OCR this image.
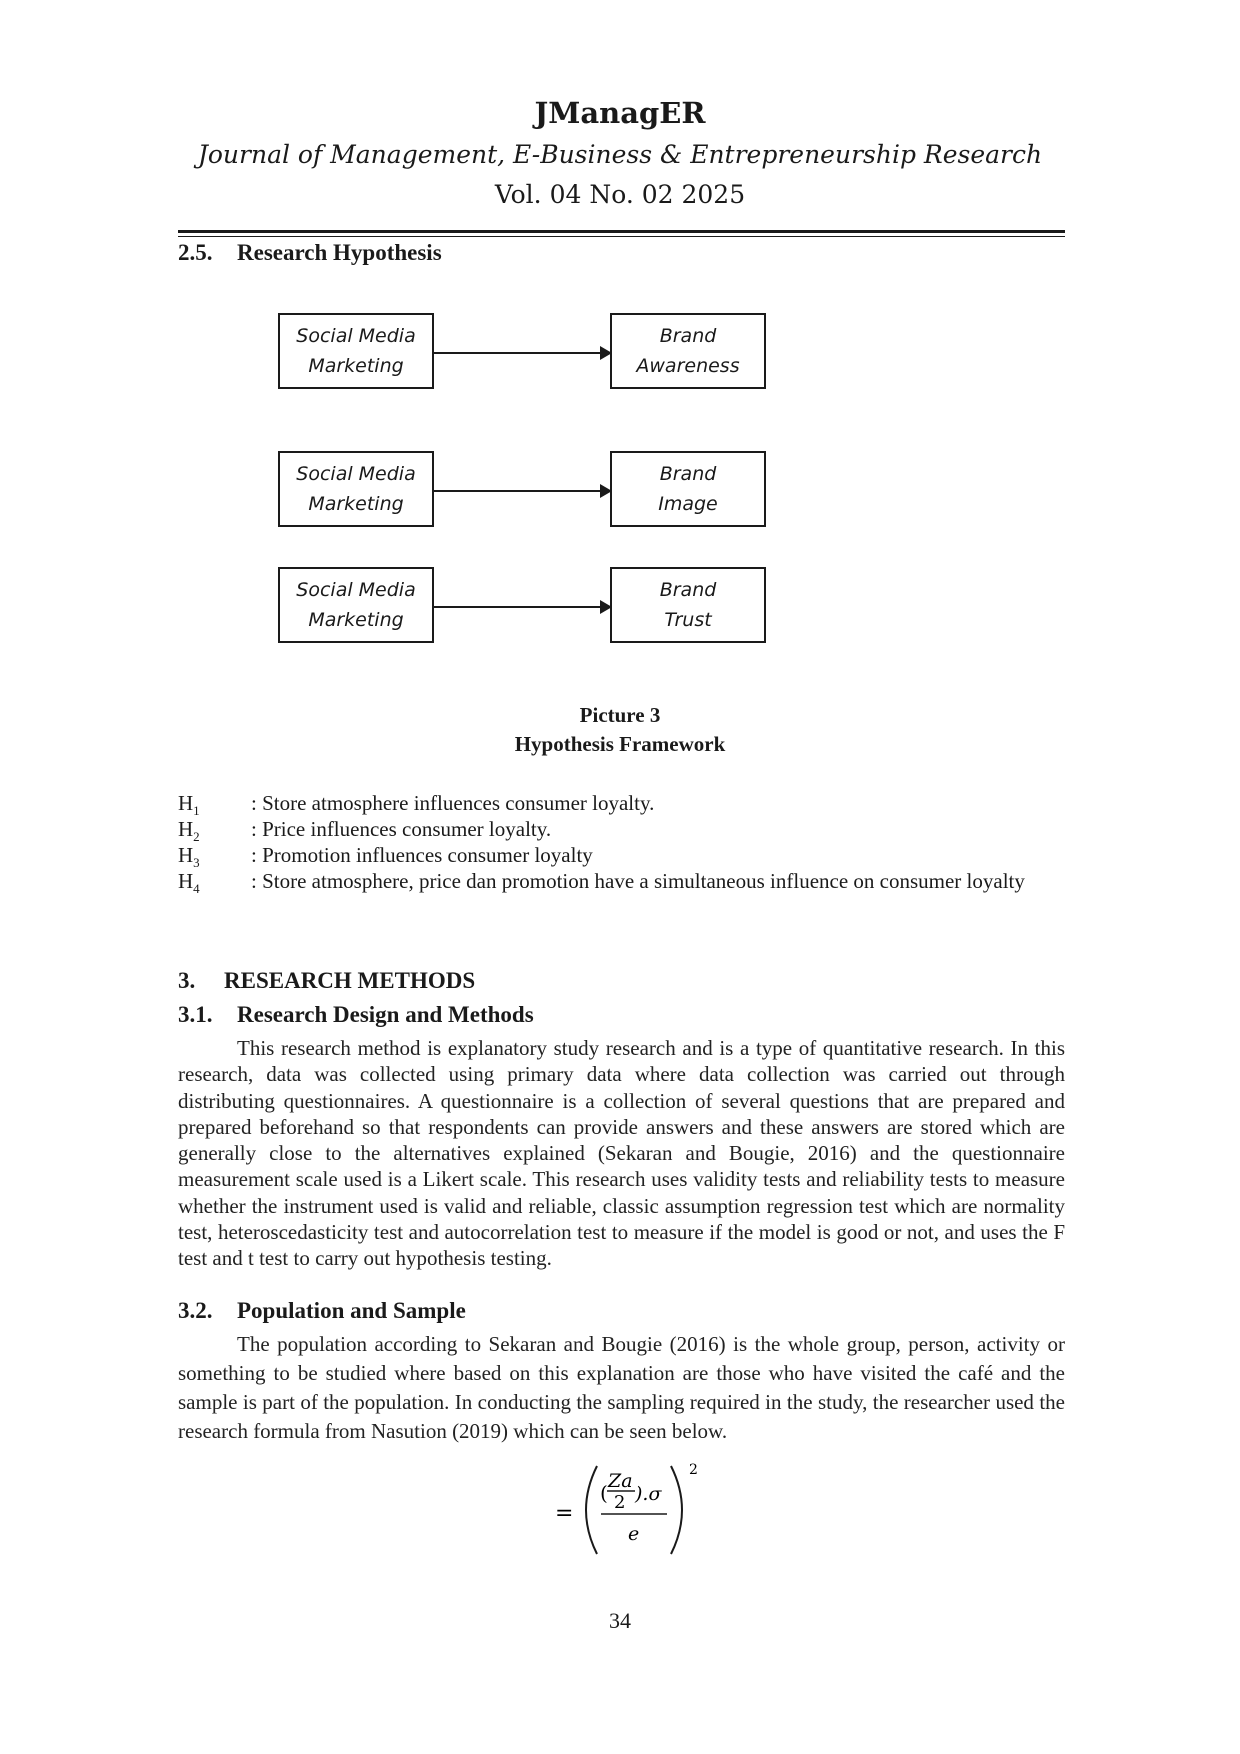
JManagER
Journal of Management, E-Business & Entrepreneurship Research
Vol. 04 No. 02 2025
2.5. Research Hypothesis
Social Media
Marketing
Brand
Awareness
Social Media
Marketing
Brand
Image
Social Media
Marketing
Brand
Trust
Picture 3
Hypothesis Framework
$H_1$ : Store atmosphere influences consumer loyalty.
$H_2$ : Price influences consumer loyalty.
$H_3$ : Promotion influences consumer loyalty
$H_4$ : Store atmosphere, price dan promotion have a simultaneous influence on consumer loyalty
3. RESEARCH METHODS
3.1. Research Design and Methods
This research method is explanatory study research and is a type of quantitative research. In this research, data was collected using primary data where data collection was carried out through distributing questionnaires. A questionnaire is a collection of several questions that are prepared and prepared beforehand so that respondents can provide answers and these answers are stored which are generally close to the alternatives explained (Sekaran and Bougie, 2016) and the questionnaire measurement scale used is a Likert scale. This research uses validity tests and reliability tests to measure whether the instrument used is valid and reliable, classic assumption regression test which are normality test, heteroscedasticity test and autocorrelation test to measure if the model is good or not, and uses the F test and t test to carry out hypothesis testing.
3.2. Population and Sample
The population according to Sekaran and Bougie (2016) is the whole group, person, activity or something to be studied where based on this explanation are those who have visited the café and the sample is part of the population. In conducting the sampling required in the study, the researcher used the research formula from Nasution (2019) which can be seen below.
=
( Za
2 ).σ
e
2
34
